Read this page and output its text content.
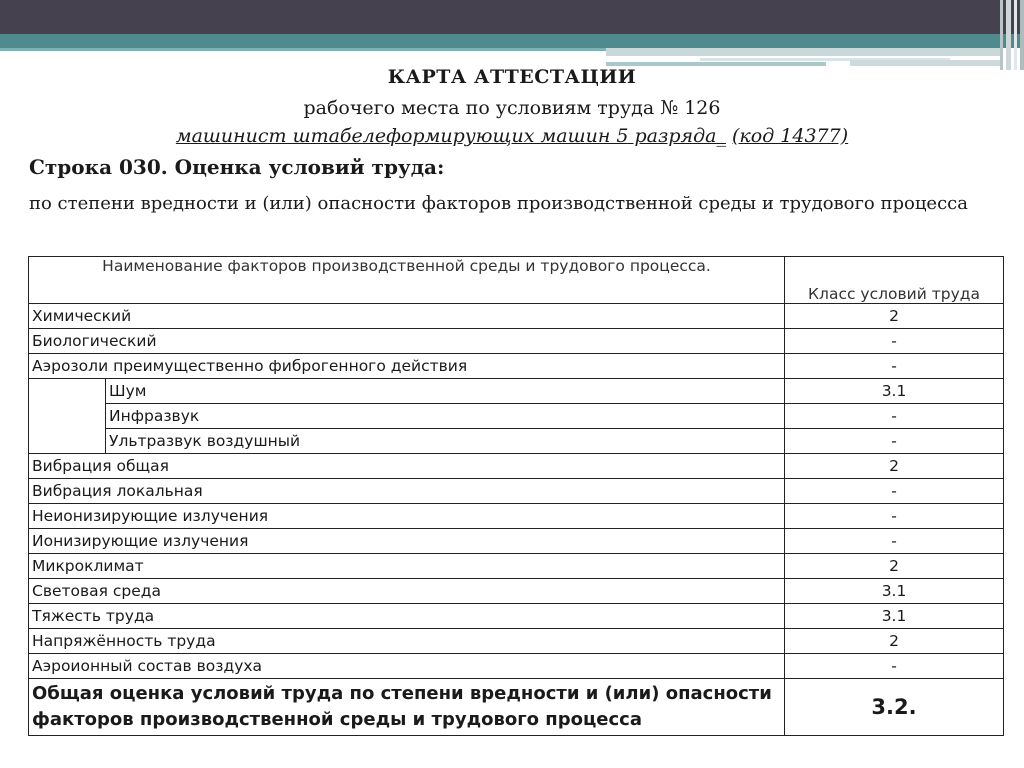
КАРТА АТТЕСТАЦИИ
рабочего места по условиям труда № 126
машинист штабелеформирующих машин 5 разряда_ (код 14377)
Строка 030. Оценка условий труда:
по степени вредности и (или) опасности факторов производственной среды и трудового процесса
Наименование факторов производственной среды и трудового процесса.		Класс условий труда
Химический		2
Биологический		-
Аэрозоли преимущественно фиброгенного действия		-
	Шум	3.1
	Инфразвук	-
	Ультразвук воздушный	-
Вибрация общая		2
Вибрация локальная		-
Неионизирующие излучения		-
Ионизирующие излучения		-
Микроклимат		2
Световая среда		3.1
Тяжесть труда		3.1
Напряжённость труда		2
Аэроионный состав воздуха		-
Общая оценка условий труда по степени вредности и (или) опасности факторов производственной среды и трудового процесса		3.2.
